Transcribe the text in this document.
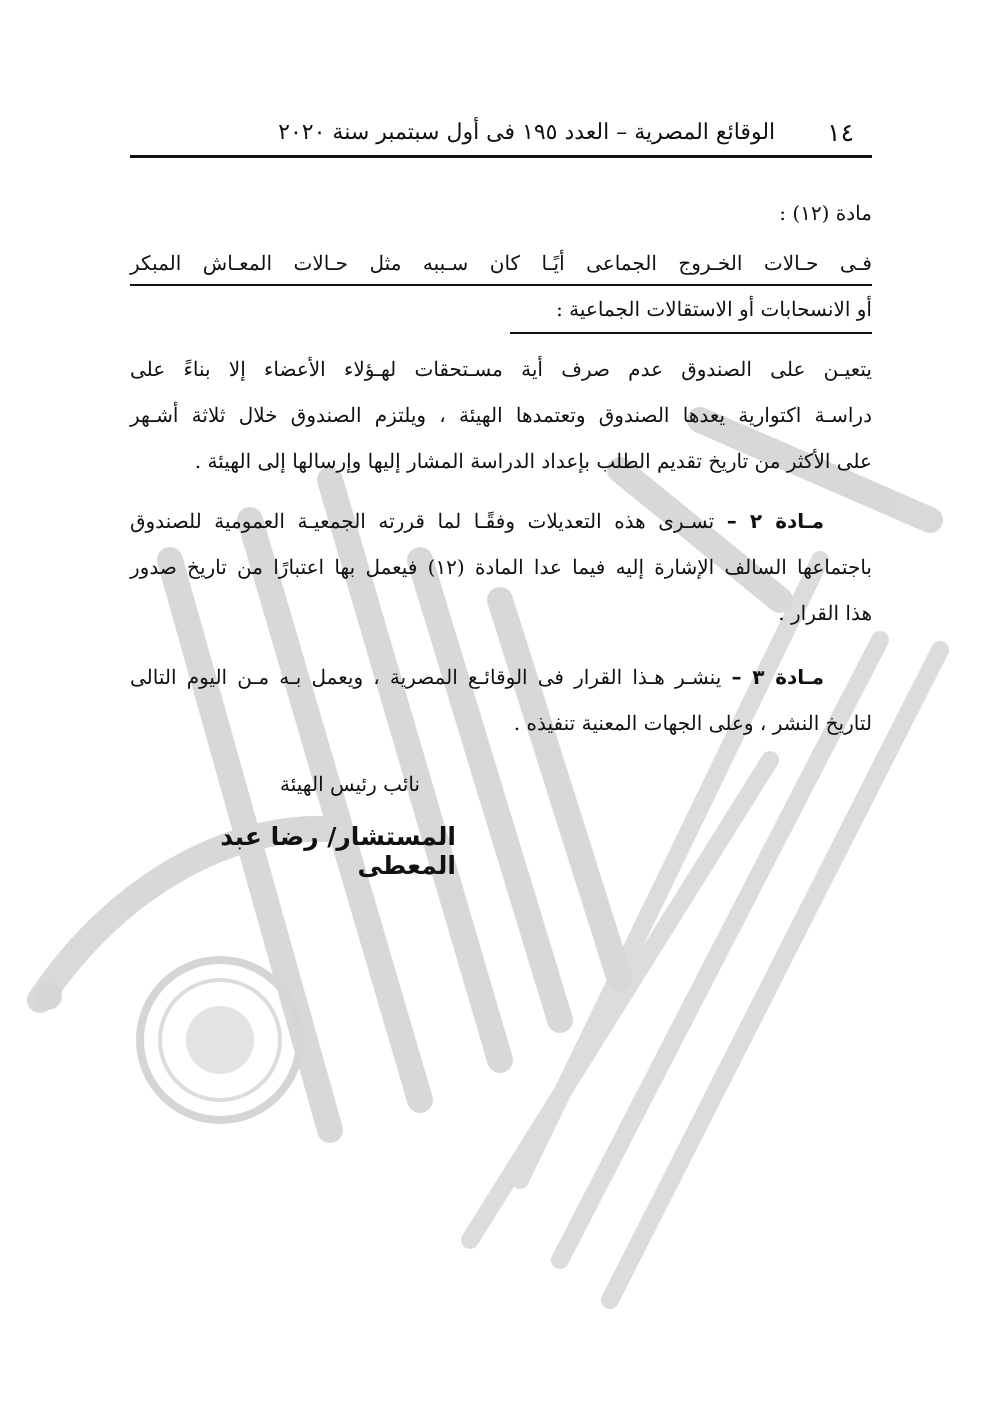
١٤
الوقائع المصرية – العدد ١٩٥ فى أول سبتمبر سنة ٢٠٢٠
مادة (١٢) :
فـى حـالات الخـروج الجماعى أيًـا كان سـببه مثل حـالات المعـاش المبكر
أو الانسحابات أو الاستقالات الجماعية :
يتعيـن على الصندوق عدم صرف أية مسـتحقات لهـؤلاء الأعضاء إلا بناءً على
دراسـة اكتوارية يعدها الصندوق وتعتمدها الهيئة ، ويلتزم الصندوق خلال ثلاثة أشـهر
على الأكثر من تاريخ تقديم الطلب بإعداد الدراسة المشار إليها وإرسالها إلى الهيئة .
مـادة ٢ – تسـرى هذه التعديلات وفقًـا لما قررته الجمعيـة العمومية للصندوق
باجتماعها السالف الإشارة إليه فيما عدا المادة (١٢) فيعمل بها اعتبارًا من تاريخ صدور
هذا القرار .
مـادة ٣ – ينشـر هـذا القرار فى الوقائـع المصرية ، ويعمل بـه مـن اليوم التالى
لتاريخ النشر ، وعلى الجهات المعنية تنفيذه .
نائب رئيس الهيئة
المستشار/ رضا عبد المعطى
